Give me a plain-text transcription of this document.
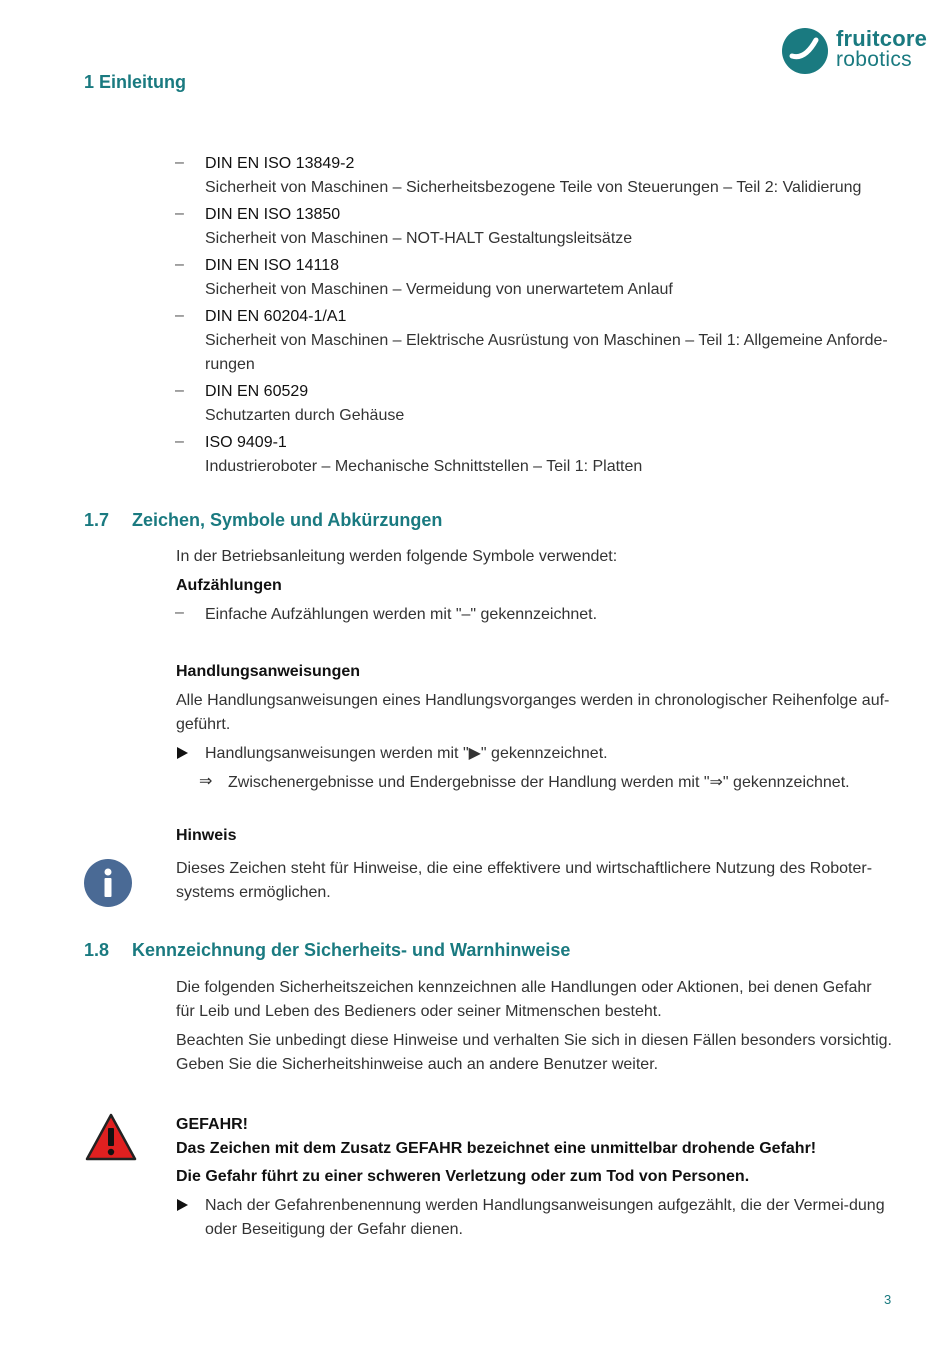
1 Einleitung
fruitcore
robotics
– DIN EN ISO 13849-2
Sicherheit von Maschinen – Sicherheitsbezogene Teile von Steuerungen – Teil 2: Validierung
– DIN EN ISO 13850
Sicherheit von Maschinen – NOT-HALT Gestaltungsleitsätze
– DIN EN ISO 14118
Sicherheit von Maschinen – Vermeidung von unerwartetem Anlauf
– DIN EN 60204-1/A1
Sicherheit von Maschinen – Elektrische Ausrüstung von Maschinen – Teil 1: Allgemeine Anforde-rungen
– DIN EN 60529
Schutzarten durch Gehäuse
– ISO 9409-1
Industrieroboter – Mechanische Schnittstellen – Teil 1: Platten
1.7 Zeichen, Symbole und Abkürzungen
In der Betriebsanleitung werden folgende Symbole verwendet:
Aufzählungen
– Einfache Aufzählungen werden mit "–" gekennzeichnet.
Handlungsanweisungen
Alle Handlungsanweisungen eines Handlungsvorganges werden in chronologischer Reihenfolge auf-geführt.
Handlungsanweisungen werden mit "▶" gekennzeichnet.
⇒ Zwischenergebnisse und Endergebnisse der Handlung werden mit "⇒" gekennzeichnet.
Hinweis
Dieses Zeichen steht für Hinweise, die eine effektivere und wirtschaftlichere Nutzung des Roboter-systems ermöglichen.
1.8 Kennzeichnung der Sicherheits- und Warnhinweise
Die folgenden Sicherheitszeichen kennzeichnen alle Handlungen oder Aktionen, bei denen Gefahr für Leib und Leben des Bedieners oder seiner Mitmenschen besteht.
Beachten Sie unbedingt diese Hinweise und verhalten Sie sich in diesen Fällen besonders vorsichtig. Geben Sie die Sicherheitshinweise auch an andere Benutzer weiter.
GEFAHR!
Das Zeichen mit dem Zusatz GEFAHR bezeichnet eine unmittelbar drohende Gefahr!
Die Gefahr führt zu einer schweren Verletzung oder zum Tod von Personen.
Nach der Gefahrenbenennung werden Handlungsanweisungen aufgezählt, die der Vermei-dung oder Beseitigung der Gefahr dienen.
3
